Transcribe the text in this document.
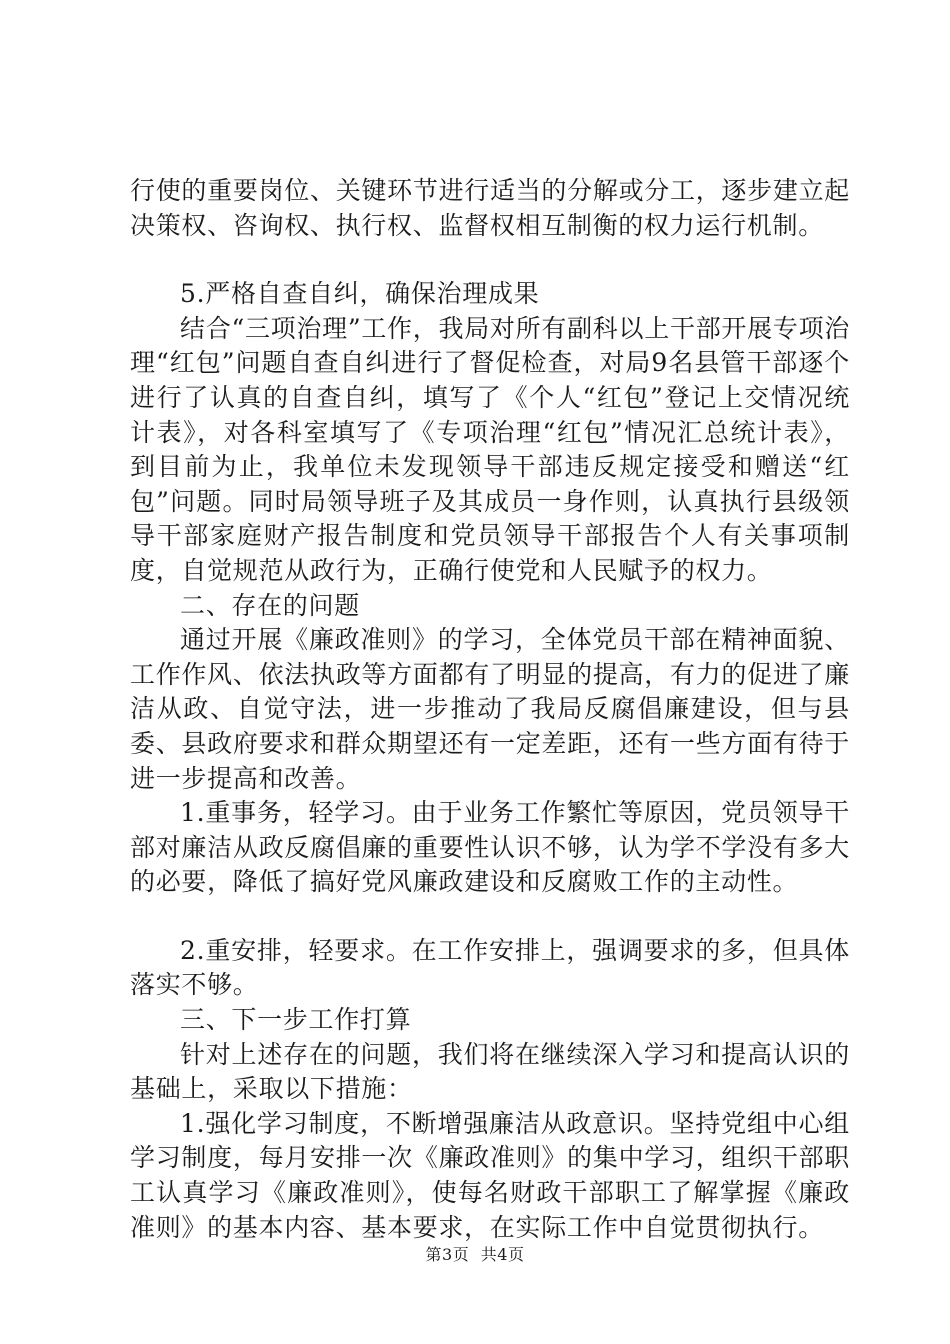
行使的重要岗位、关键环节进行适当的分解或分工，逐步建立起决策权、咨询权、执行权、监督权相互制衡的权力运行机制。

5.严格自查自纠，确保治理成果

结合“三项治理”工作，我局对所有副科以上干部开展专项治理“红包”问题自查自纠进行了督促检查，对局9名县管干部逐个进行了认真的自查自纠，填写了《个人“红包”登记上交情况统计表》，对各科室填写了《专项治理“红包”情况汇总统计表》，到目前为止，我单位未发现领导干部违反规定接受和赠送“红包”问题。同时局领导班子及其成员一身作则，认真执行县级领导干部家庭财产报告制度和党员领导干部报告个人有关事项制度，自觉规范从政行为，正确行使党和人民赋予的权力。

二、存在的问题

通过开展《廉政准则》的学习，全体党员干部在精神面貌、工作作风、依法执政等方面都有了明显的提高，有力的促进了廉洁从政、自觉守法，进一步推动了我局反腐倡廉建设，但与县委、县政府要求和群众期望还有一定差距，还有一些方面有待于进一步提高和改善。

1.重事务，轻学习。由于业务工作繁忙等原因，党员领导干部对廉洁从政反腐倡廉的重要性认识不够，认为学不学没有多大的必要，降低了搞好党风廉政建设和反腐败工作的主动性。

2.重安排，轻要求。在工作安排上，强调要求的多，但具体落实不够。

三、下一步工作打算

针对上述存在的问题，我们将在继续深入学习和提高认识的基础上，采取以下措施：

1.强化学习制度，不断增强廉洁从政意识。坚持党组中心组学习制度，每月安排一次《廉政准则》的集中学习，组织干部职工认真学习《廉政准则》，使每名财政干部职工了解掌握《廉政准则》的基本内容、基本要求，在实际工作中自觉贯彻执行。

第3页 共4页
